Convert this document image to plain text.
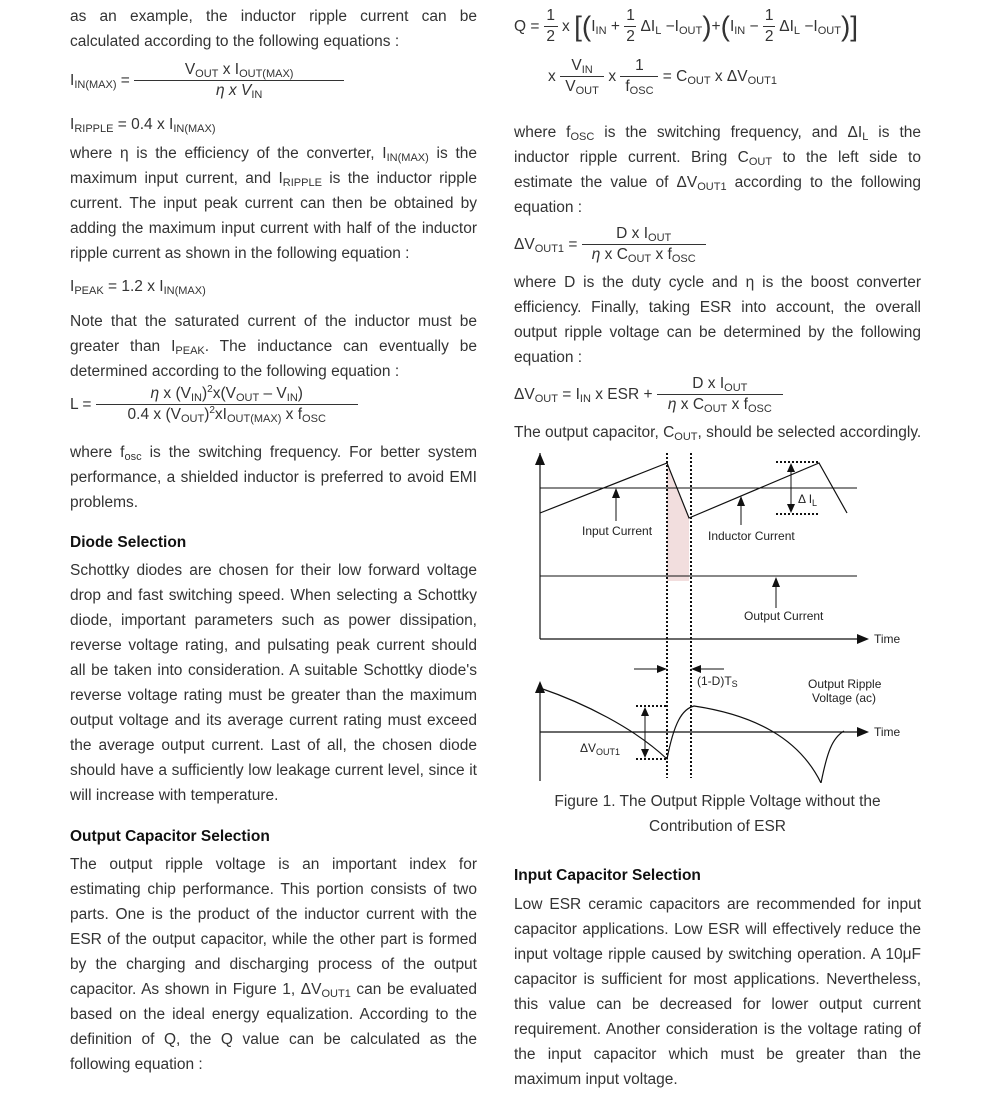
as an example, the inductor ripple current can be calculated according to the following equations :

$I_{IN(MAX)} = \frac{V_{OUT} x I_{OUT(MAX)}}{\eta x V_{IN}}$
$I_{RIPPLE} = 0.4$ x $I_{IN(MAX)}$

where η is the efficiency of the converter, $I_{IN(MAX)}$ is the maximum input current, and $I_{RIPPLE}$ is the inductor ripple current. The input peak current can then be obtained by adding the maximum input current with half of the inductor ripple current as shown in the following equation :

$I_{PEAK} = 1.2$ x $I_{IN(MAX)}$

Note that the saturated current of the inductor must be greater than $I_{PEAK}$. The inductance can eventually be determined according to the following equation :

$L = \frac{\eta x (V_{IN})^2x(V_{OUT} - V_{IN})}{0.4 x (V_{OUT})^2xI_{OUT(MAX)} x f_{OSC}}$

where $f_{osc}$ is the switching frequency. For better system performance, a shielded inductor is preferred to avoid EMI problems.

Diode Selection

Schottky diodes are chosen for their low forward voltage drop and fast switching speed. When selecting a Schottky diode, important parameters such as power dissipation, reverse voltage rating, and pulsating peak current should all be taken into consideration. A suitable Schottky diode's reverse voltage rating must be greater than the maximum output voltage and its average current rating must exceed the average output current. Last of all, the chosen diode should have a sufficiently low leakage current level, since it will increase with temperature.

Output Capacitor Selection

The output ripple voltage is an important index for estimating chip performance. This portion consists of two parts. One is the product of the inductor current with the ESR of the output capacitor, while the other part is formed by the charging and discharging process of the output capacitor. As shown in Figure 1, $\Delta V_{OUT1}$ can be evaluated based on the ideal energy equalization. According to the definition of Q, the Q value can be calculated as the following equation :

$Q = \frac{1}{2}$ x $[(I_{IN} + \frac{1}{2} \Delta I_L -I_{OUT})+(I_{IN} - \frac{1}{2} \Delta I_L -I_{OUT})]$
x $\frac{V_{IN}}{V_{OUT}}$ x $\frac{1}{f_{OSC}} = C_{OUT}$ x $\Delta V_{OUT1}$

where $f_{OSC}$ is the switching frequency, and $\Delta I_L$ is the inductor ripple current. Bring $C_{OUT}$ to the left side to estimate the value of $\Delta V_{OUT1}$ according to the following equation :

$\Delta V_{OUT1} = \frac{D x I_{OUT}}{\eta x C_{OUT} x f_{OSC}}$

where D is the duty cycle and η is the boost converter efficiency. Finally, taking ESR into account, the overall output ripple voltage can be determined by the following equation :

$\Delta V_{OUT} = I_{IN}$ x ESR + $\frac{D x I_{OUT}}{\eta x C_{OUT} x f_{OSC}}$

The output capacitor, $C_{OUT}$, should be selected accordingly.

Time
Δ $I_L$
Input Current	Inductor Current
Output Current
(1-D)TS	Output Ripple
Voltage (ac)
Time
$\Delta V_{OUT1}$
Figure 1. The Output Ripple Voltage without the
Contribution of ESR
Input Capacitor Selection

Low ESR ceramic capacitors are recommended for input capacitor applications. Low ESR will effectively reduce the input voltage ripple caused by switching operation. A 10μF capacitor is sufficient for most applications. Nevertheless, this value can be decreased for lower output current requirement. Another consideration is the voltage rating of the input capacitor which must be greater than the maximum input voltage.
